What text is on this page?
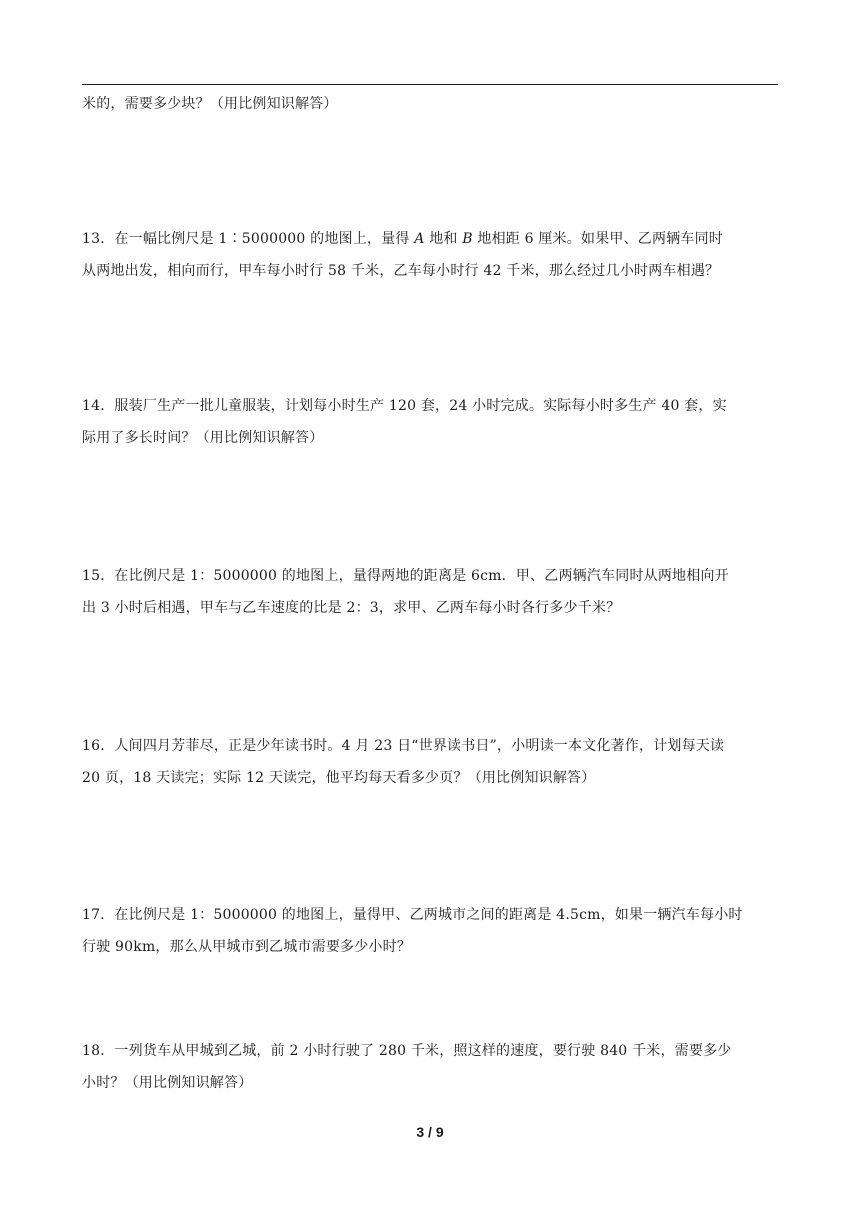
米的，需要多少块？（用比例知识解答）
13．在一幅比例尺是 1∶5000000 的地图上，量得 A 地和 B 地相距 6 厘米。如果甲、乙两辆车同时
从两地出发，相向而行，甲车每小时行 58 千米，乙车每小时行 42 千米，那么经过几小时两车相遇？
14．服装厂生产一批儿童服装，计划每小时生产 120 套，24 小时完成。实际每小时多生产 40 套，实
际用了多长时间？（用比例知识解答）
15．在比例尺是 1：5000000 的地图上，量得两地的距离是 6cm．甲、乙两辆汽车同时从两地相向开
出 3 小时后相遇，甲车与乙车速度的比是 2：3，求甲、乙两车每小时各行多少千米？
16．人间四月芳菲尽，正是少年读书时。4 月 23 日“世界读书日”，小明读一本文化著作，计划每天读
20 页，18 天读完；实际 12 天读完，他平均每天看多少页？（用比例知识解答）
17．在比例尺是 1：5000000 的地图上，量得甲、乙两城市之间的距离是 4.5cm，如果一辆汽车每小时
行驶 90km，那么从甲城市到乙城市需要多少小时？
18．一列货车从甲城到乙城，前 2 小时行驶了 280 千米，照这样的速度，要行驶 840 千米，需要多少
小时？（用比例知识解答）
3 / 9
